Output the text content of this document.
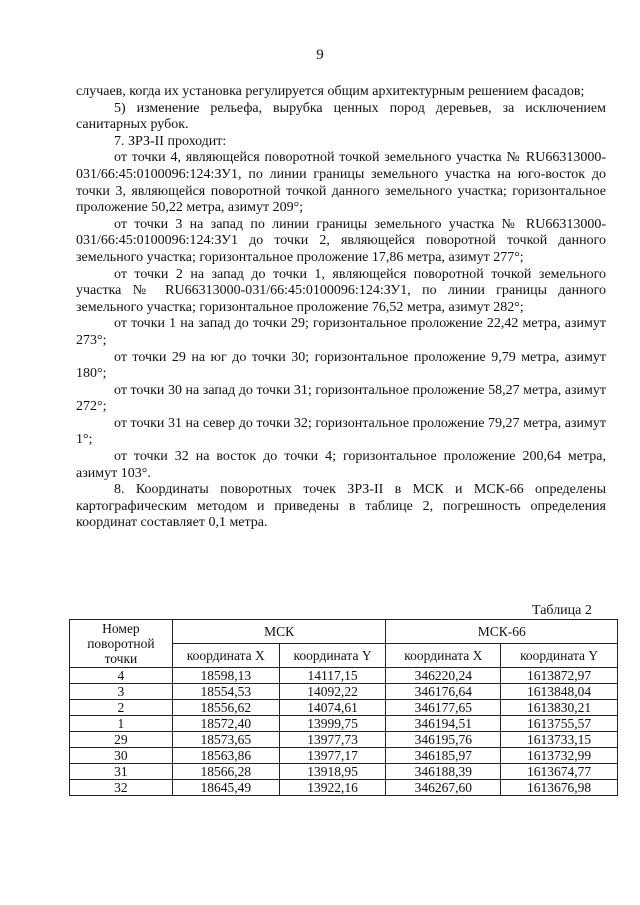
9

случаев, когда их установка регулируется общим архитектурным решением фасадов;

5) изменение рельефа, вырубка ценных пород деревьев, за исключением санитарных рубок.

7. ЗРЗ-II проходит:

от точки 4, являющейся поворотной точкой земельного участка № RU66313000-031/66:45:0100096:124:ЗУ1, по линии границы земельного участка на юго-восток до точки 3, являющейся поворотной точкой данного земельного участка; горизонтальное проложение 50,22 метра, азимут 209°;

от точки 3 на запад по линии границы земельного участка № RU66313000-031/66:45:0100096:124:ЗУ1 до точки 2, являющейся поворотной точкой данного земельного участка; горизонтальное проложение 17,86 метра, азимут 277°;

от точки 2 на запад до точки 1, являющейся поворотной точкой земельного участка № RU66313000-031/66:45:0100096:124:ЗУ1, по линии границы данного земельного участка; горизонтальное проложение 76,52 метра, азимут 282°;

от точки 1 на запад до точки 29; горизонтальное проложение 22,42 метра, азимут 273°;

от точки 29 на юг до точки 30; горизонтальное проложение 9,79 метра, азимут 180°;

от точки 30 на запад до точки 31; горизонтальное проложение 58,27 метра, азимут 272°;

от точки 31 на север до точки 32; горизонтальное проложение 79,27 метра, азимут 1°;

от точки 32 на восток до точки 4; горизонтальное проложение 200,64 метра, азимут 103°.

8. Координаты поворотных точек ЗРЗ-II в МСК и МСК-66 определены картографическим методом и приведены в таблице 2, погрешность определения координат составляет 0,1 метра.

Таблица 2
Номер поворотной точки	МСК		МСК-66	
	координата X	координата Y	координата X	координата Y
4	18598,13	14117,15	346220,24	1613872,97
3	18554,53	14092,22	346176,64	1613848,04
2	18556,62	14074,61	346177,65	1613830,21
1	18572,40	13999,75	346194,51	1613755,57
29	18573,65	13977,73	346195,76	1613733,15
30	18563,86	13977,17	346185,97	1613732,99
31	18566,28	13918,95	346188,39	1613674,77
32	18645,49	13922,16	346267,60	1613676,98
